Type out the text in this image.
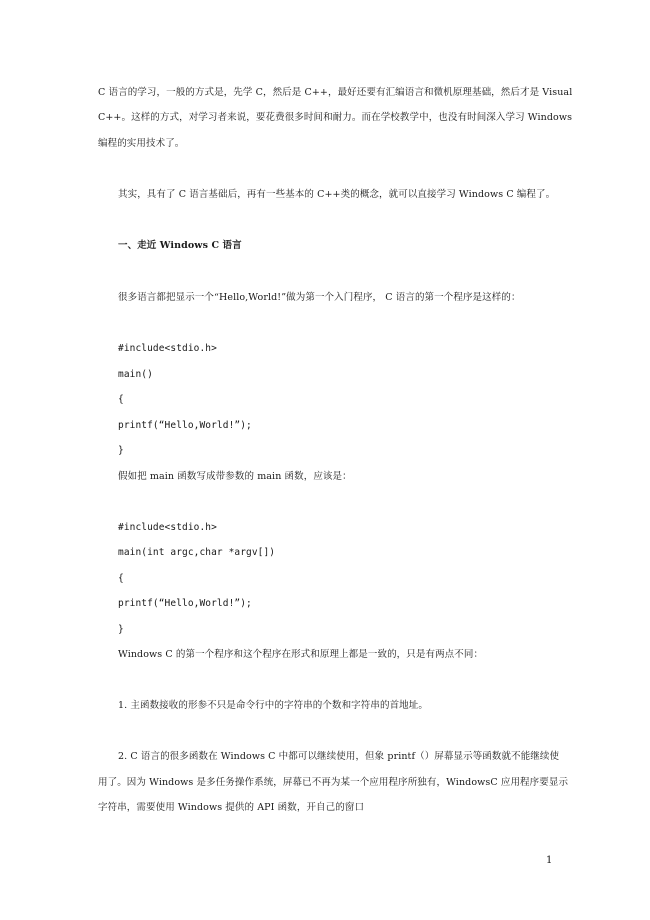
C 语言的学习，一般的方式是，先学 C，然后是 C++，最好还要有汇编语言和微机原理基础，然后才是 Visual
C++。这样的方式，对学习者来说，要花费很多时间和耐力。而在学校教学中，也没有时间深入学习 Windows
编程的实用技术了。
其实，具有了 C 语言基础后，再有一些基本的 C++类的概念，就可以直接学习 Windows C 编程了。
一、走近 Windows C 语言
很多语言都把显示一个“Hello,World!”做为第一个入门程序， C 语言的第一个程序是这样的：
#include<stdio.h>
main()
{
printf(“Hello,World!”);
}
假如把 main 函数写成带参数的 main 函数，应该是：
#include<stdio.h>
main(int argc,char *argv[])
{
printf(“Hello,World!”);
}
Windows C 的第一个程序和这个程序在形式和原理上都是一致的，只是有两点不同：
1. 主函数接收的形参不只是命令行中的字符串的个数和字符串的首地址。
2. C 语言的很多函数在 Windows C 中都可以继续使用，但象 printf（）屏幕显示等函数就不能继续使
用了。因为 Windows 是多任务操作系统，屏幕已不再为某一个应用程序所独有，WindowsC 应用程序要显示
字符串，需要使用 Windows 提供的 API 函数，开自己的窗口
1
